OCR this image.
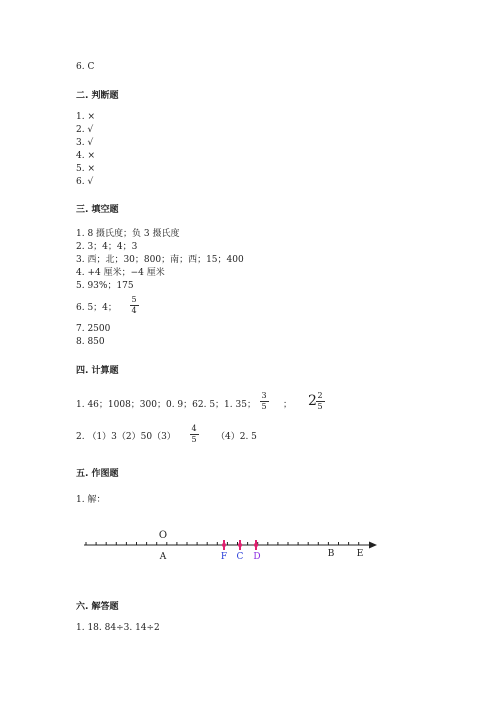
6. C
二. 判断题
1. ×
2. √
3. √
4. ×
5. ×
6. √
三. 填空题
1. 8 摄氏度；负 3 摄氏度
2. 3；4；4；3
3. 西；北；30；800；南；西；15；400
4. +4 厘米；−4 厘米
5. 93%；175
6. 5；4；
5
4
7. 2500
8. 850
四. 计算题
1. 46；1008；300；0. 9；62. 5；1. 35；
3
5 ； 2 2
5
2. （1）3（2）50（3）
4
5 （4）2. 5
五. 作图题
1. 解：
O
A	F C D	B E
六. 解答题
1. 18. 84÷3. 14÷2
